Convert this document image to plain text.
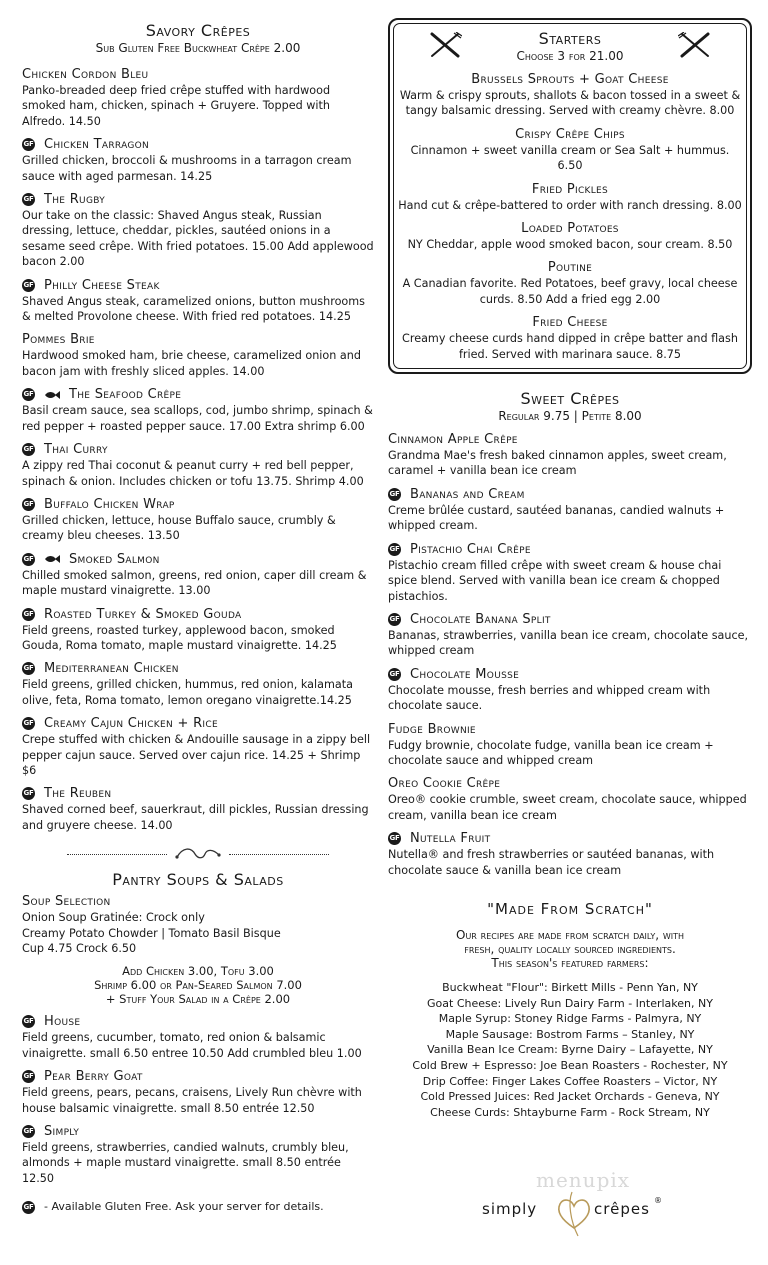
Savory Crêpes
Sub Gluten Free Buckwheat Crêpe 2.00
Chicken Cordon Bleu
Panko-breaded deep fried crêpe stuffed with hardwood smoked ham, chicken, spinach + Gruyere. Topped with Alfredo. 14.50
GF Chicken Tarragon
Grilled chicken, broccoli & mushrooms in a tarragon cream sauce with aged parmesan. 14.25
GF The Rugby
Our take on the classic: Shaved Angus steak, Russian dressing, lettuce, cheddar, pickles, sautéed onions in a sesame seed crêpe. With fried potatoes. 15.00 Add applewood bacon 2.00
GF Philly Cheese Steak
Shaved Angus steak, caramelized onions, button mushrooms & melted Provolone cheese. With fried red potatoes. 14.25
Pommes Brie
Hardwood smoked ham, brie cheese, caramelized onion and bacon jam with freshly sliced apples. 14.00
GF	The Seafood Crêpe
Basil cream sauce, sea scallops, cod, jumbo shrimp, spinach & red pepper + roasted pepper sauce. 17.00 Extra shrimp 6.00
GF Thai Curry
A zippy red Thai coconut & peanut curry + red bell pepper, spinach & onion. Includes chicken or tofu 13.75. Shrimp 4.00
GF Buffalo Chicken Wrap
Grilled chicken, lettuce, house Buffalo sauce, crumbly & creamy bleu cheeses. 13.50
GF	Smoked Salmon
Chilled smoked salmon, greens, red onion, caper dill cream & maple mustard vinaigrette. 13.00
GF Roasted Turkey & Smoked Gouda
Field greens, roasted turkey, applewood bacon, smoked Gouda, Roma tomato, maple mustard vinaigrette. 14.25
GF Mediterranean Chicken
Field greens, grilled chicken, hummus, red onion, kalamata olive, feta, Roma tomato, lemon oregano vinaigrette.14.25
GF Creamy Cajun Chicken + Rice
Crepe stuffed with chicken & Andouille sausage in a zippy bell pepper cajun sauce. Served over cajun rice. 14.25 + Shrimp $6
GF The Reuben
Shaved corned beef, sauerkraut, dill pickles, Russian dressing and gruyere cheese. 14.00
Pantry Soups & Salads
Soup Selection
Onion Soup Gratinée: Crock only
Creamy Potato Chowder | Tomato Basil Bisque
Cup 4.75 Crock 6.50
Add Chicken 3.00, Tofu 3.00
Shrimp 6.00 or Pan-Seared Salmon 7.00
+ Stuff Your Salad in a Crêpe 2.00
GF House
Field greens, cucumber, tomato, red onion & balsamic vinaigrette. small 6.50 entree 10.50 Add crumbled bleu 1.00
GF Pear Berry Goat
Field greens, pears, pecans, craisens, Lively Run chèvre with house balsamic vinaigrette. small 8.50 entrée 12.50
GF Simply
Field greens, strawberries, candied walnuts, crumbly bleu, almonds + maple mustard vinaigrette. small 8.50 entrée 12.50
GF - Available Gluten Free. Ask your server for details.
Starters
Choose 3 for 21.00
Brussels Sprouts + Goat Cheese
Warm & crispy sprouts, shallots & bacon tossed in a sweet & tangy balsamic dressing. Served with creamy chèvre. 8.00
Crispy Crêpe Chips
Cinnamon + sweet vanilla cream or Sea Salt + hummus. 6.50
Fried Pickles
Hand cut & crêpe-battered to order with ranch dressing. 8.00
Loaded Potatoes
NY Cheddar, apple wood smoked bacon, sour cream. 8.50
Poutine
A Canadian favorite. Red Potatoes, beef gravy, local cheese curds. 8.50 Add a fried egg 2.00
Fried Cheese
Creamy cheese curds hand dipped in crêpe batter and flash fried. Served with marinara sauce. 8.75
Sweet Crêpes
Regular 9.75 | Petite 8.00
Cinnamon Apple Crêpe
Grandma Mae's fresh baked cinnamon apples, sweet cream, caramel + vanilla bean ice cream
GF Bananas and Cream
Creme brûlée custard, sautéed bananas, candied walnuts + whipped cream.
GF Pistachio Chai Crêpe
Pistachio cream filled crêpe with sweet cream & house chai spice blend. Served with vanilla bean ice cream & chopped pistachios.
GF Chocolate Banana Split
Bananas, strawberries, vanilla bean ice cream, chocolate sauce, whipped cream
GF Chocolate Mousse
Chocolate mousse, fresh berries and whipped cream with chocolate sauce.
Fudge Brownie
Fudgy brownie, chocolate fudge, vanilla bean ice cream + chocolate sauce and whipped cream
Oreo Cookie Crêpe
Oreo® cookie crumble, sweet cream, chocolate sauce, whipped cream, vanilla bean ice cream
GF Nutella Fruit
Nutella® and fresh strawberries or sautéed bananas, with chocolate sauce & vanilla bean ice cream
"Made From Scratch"
Our recipes are made from scratch daily, with
fresh, quality locally sourced ingredients.
This season's featured farmers:
Buckwheat "Flour": Birkett Mills - Penn Yan, NY
Goat Cheese: Lively Run Dairy Farm - Interlaken, NY
Maple Syrup: Stoney Ridge Farms - Palmyra, NY
Maple Sausage: Bostrom Farms – Stanley, NY
Vanilla Bean Ice Cream: Byrne Dairy – Lafayette, NY
Cold Brew + Espresso: Joe Bean Roasters - Rochester, NY
Drip Coffee: Finger Lakes Coffee Roasters – Victor, NY
Cold Pressed Juices: Red Jacket Orchards - Geneva, NY
Cheese Curds: Shtayburne Farm - Rock Stream, NY
menupix
simply	crêpes ®
